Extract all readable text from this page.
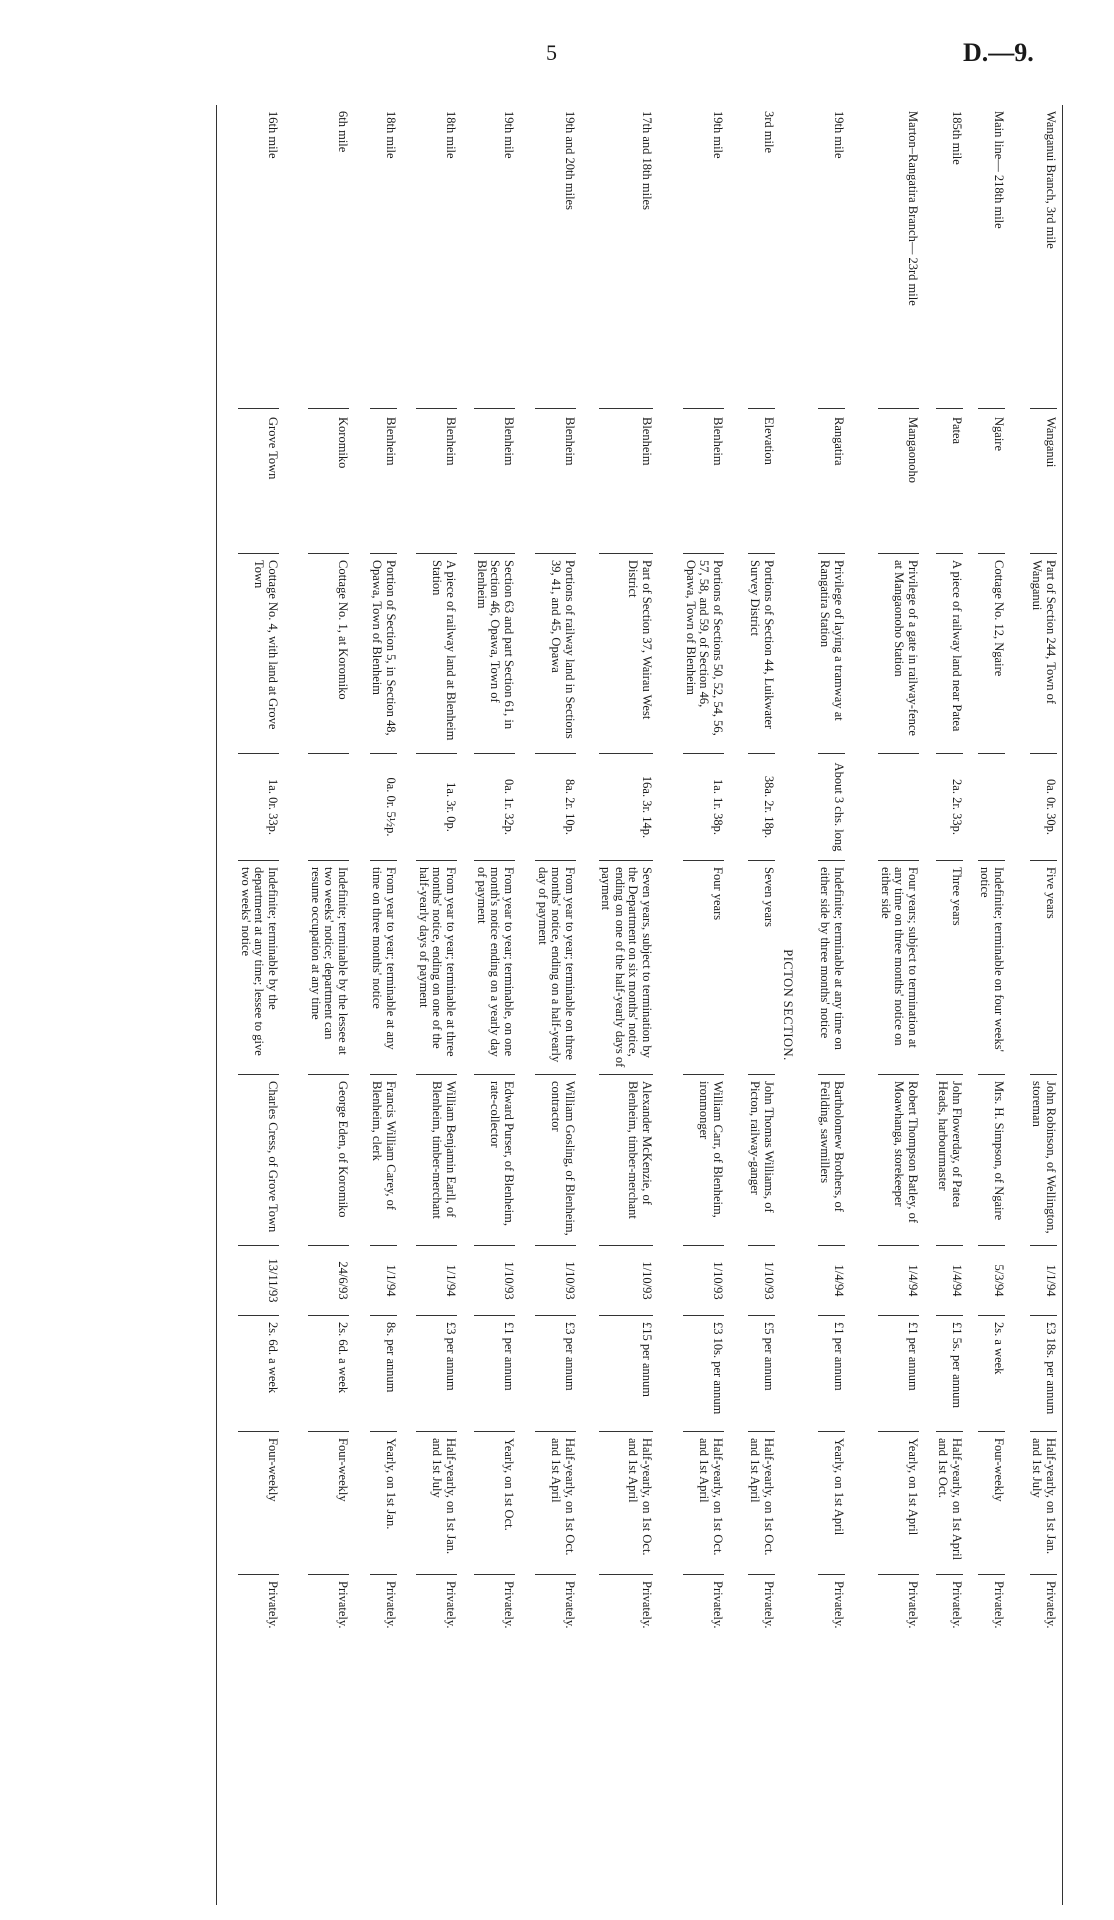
5	D.—9.
Wanganui Branch, 3rd mile
Wanganui
Part of Section 244, Town of Wanganui
0a. 0r. 30p.
Five years
John Robinson, of Wellington, storeman
1/1/94
£3 18s. per annum
Half-yearly, on 1st Jan. and 1st July
Privately.
Main line— 218th mile
Ngaire
Cottage No. 12, Ngaire
Indefinite; terminable on four weeks' notice
Mrs. H. Simpson, of Ngaire
5/3/94
2s. a week
Four-weekly
Privately.
185th mile
Patea
A piece of railway land near Patea
2a. 2r. 33p.
Three years
John Flowerday, of Patea Heads, harbourmaster
1/4/94
£1 5s. per annum
Half-yearly, on 1st April and 1st Oct.
Privately.
Marton–Rangatira Branch— 23rd mile
Mangaonoho
Privilege of a gate in railway-fence at Mangaonoho Station
Four years; subject to termination at any time on three months' notice on either side
Robert Thompson Batley, of Moawhanga, storekeeper
1/4/94
£1 per annum
Yearly, on 1st April
Privately.
19th mile
Rangatira
Privilege of laying a tramway at Rangatira Station
About 3 chs. long
Indefinite; terminable at any time on either side by three months' notice
Bartholomew Brothers, of Feilding, sawmillers
1/4/94
£1 per annum
Yearly, on 1st April
Privately.
PICTON SECTION.
3rd mile
Elevation
Portions of Section 44, Luikwater Survey District
38a. 2r. 18p.
Seven years
John Thomas Williams, of Picton, railway-ganger
1/10/93
£5 per annum
Half-yearly, on 1st Oct. and 1st April
Privately.
19th mile
Blenheim
Portions of Sections 50, 52, 54, 56, 57, 58, and 59, of Section 46, Opawa, Town of Blenheim
1a. 1r. 38p.
Four years
William Carr, of Blenheim, ironmonger
1/10/93
£3 10s. per annum
Half-yearly, on 1st Oct. and 1st April
Privately.
17th and 18th miles
Blenheim
Part of Section 37, Wairau West District
16a. 3r. 14p.
Seven years, subject to termination by the Department on six months' notice, ending on one of the half-yearly days of payment
Alexander McKenzie, of Blenheim, timber-merchant
1/10/93
£15 per annum
Half-yearly, on 1st Oct. and 1st April
Privately.
19th and 20th miles
Blenheim
Portions of railway land in Sections 39, 41, and 45, Opawa
8a. 2r. 10p.
From year to year; terminable on three months' notice, ending on a half-yearly day of payment
William Gosling, of Blenheim, contractor
1/10/93
£3 per annum
Half-yearly, on 1st Oct. and 1st April
Privately.
19th mile
Blenheim
Section 63 and part Section 61, in Section 46, Opawa, Town of Blenheim
0a. 1r. 32p.
From year to year; terminable, on one month's notice ending on a yearly day of payment
Edward Purser, of Blenheim, rate-collector
1/10/93
£1 per annum
Yearly, on 1st Oct.
Privately.
18th mile
Blenheim
A piece of railway land at Blenheim Station
1a. 3r. 0p.
From year to year; terminable at three months' notice, ending on one of the half-yearly days of payment
William Benjamin Earll, of Blenheim, timber-merchant
1/1/94
£3 per annum
Half-yearly, on 1st Jan. and 1st July
Privately.
18th mile
Blenheim
Portion of Section 5, in Section 48, Opawa, Town of Blenheim
0a. 0r. 5½p.
From year to year; terminable at any time on three months' notice
Francis William Carey, of Blenheim, clerk
1/1/94
8s. per annum
Yearly, on 1st Jan.
Privately.
6th mile
Koromiko
Cottage No. 1, at Koromiko
Indefinite; terminable by the lessee at two weeks' notice; department can resume occupation at any time
George Eden, of Koromiko
24/6/93
2s. 6d. a week
Four-weekly
Privately.
16th mile
Grove Town
Cottage No. 4, with land at Grove Town
1a. 0r. 33p.
Indefinite; terminable by the department at any time; lessee to give two weeks' notice
Charles Cress, of Grove Town
13/11/93
2s. 6d. a week
Four-weekly
Privately.
